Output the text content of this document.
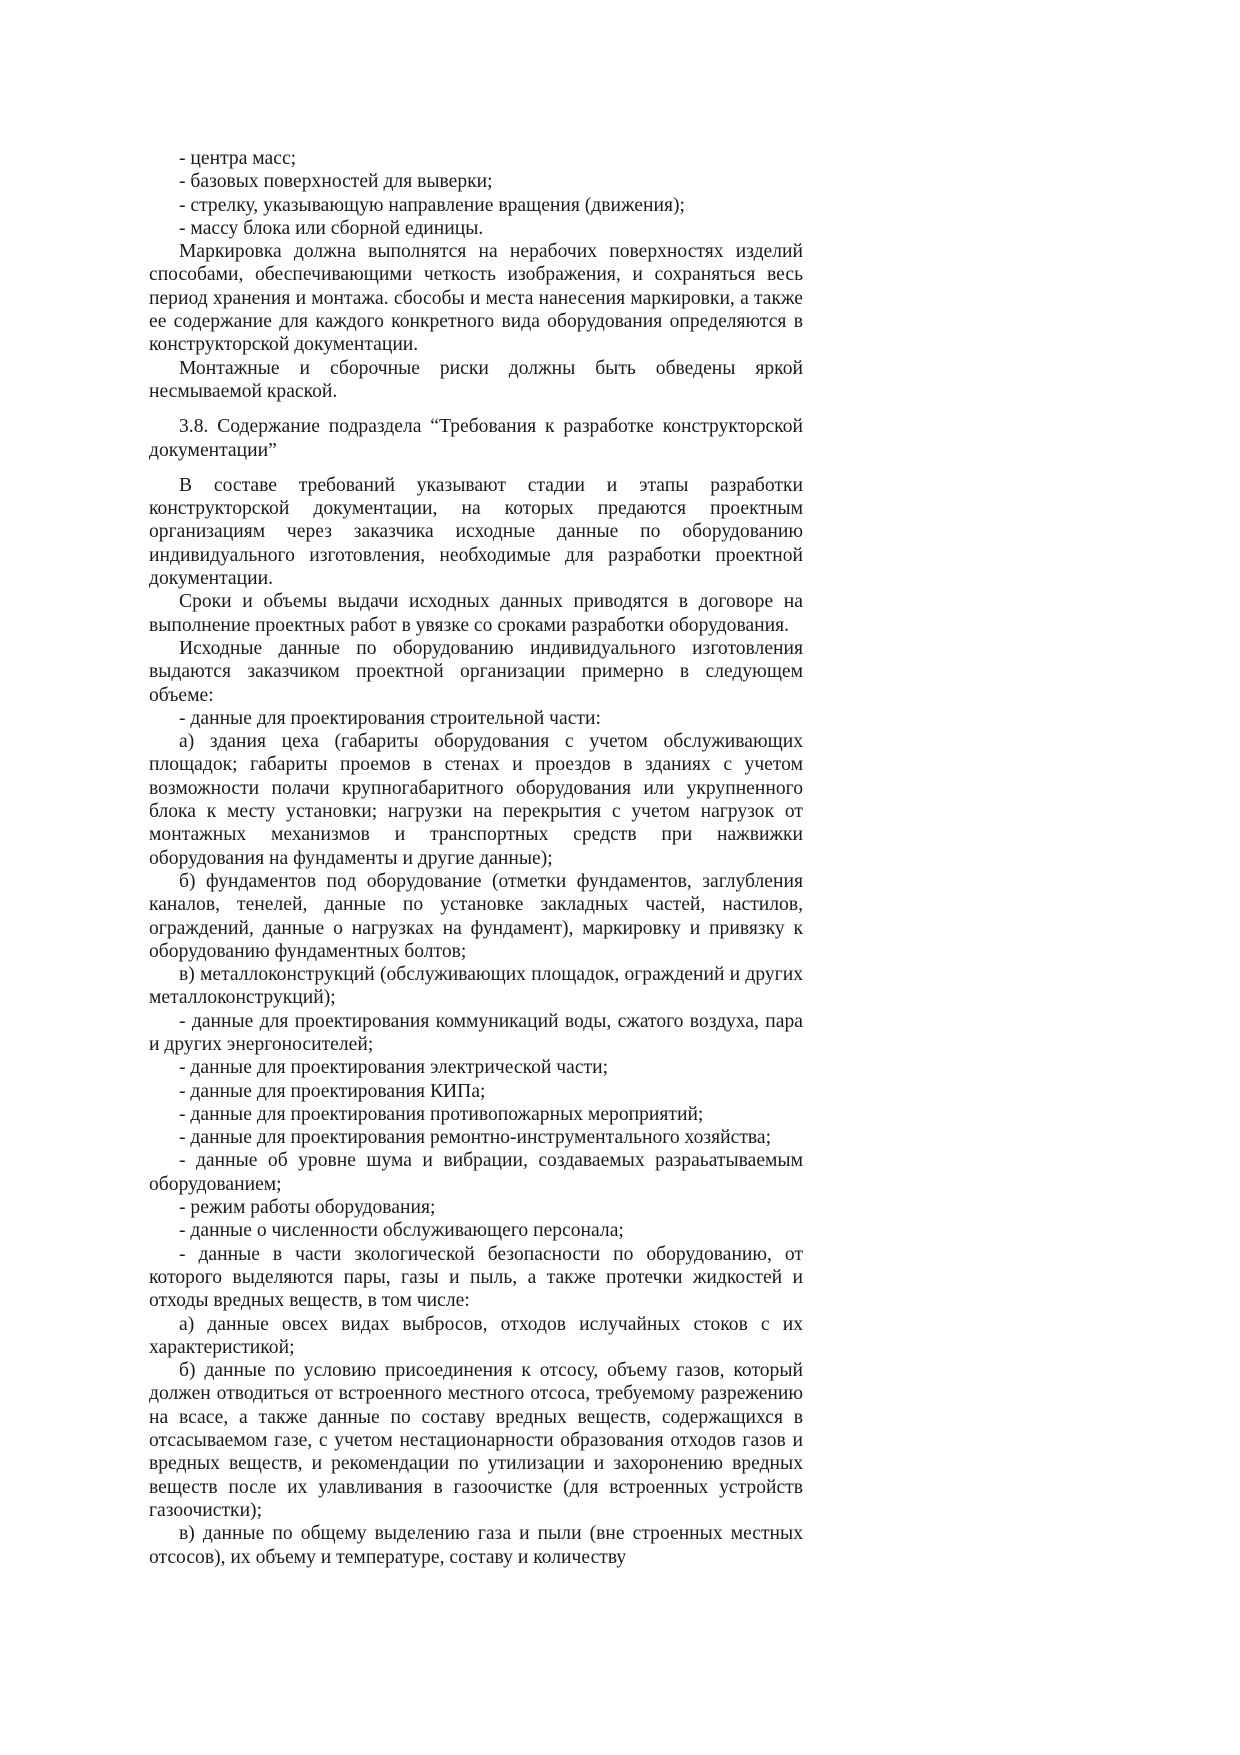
- центра масс;

- базовых поверхностей для выверки;

- стрелку, указывающую направление вращения (движения);

- массу блока или сборной единицы.

Маркировка должна выполнятся на нерабочих поверхностях изделий способами, обеспечивающими четкость изображения, и сохраняться весь период хранения и монтажа. сбособы и места нанесения маркировки, а также ее содержание для каждого конкретного вида оборудования определяются в конструкторской документации.

Монтажные и сборочные риски должны быть обведены яркой несмываемой краской.

3.8. Содержание подраздела “Требования к разработке конструкторской документации”

В составе требований указывают стадии и этапы разработки конструкторской документации, на которых предаются проектным организациям через заказчика исходные данные по оборудованию индивидуального изготовления, необходимые для разработки проектной документации.

Сроки и объемы выдачи исходных данных приводятся в договоре на выполнение проектных работ в увязке со сроками разработки оборудования.

Исходные данные по оборудованию индивидуального изготовления выдаются заказчиком проектной организации примерно в следующем объеме:

- данные для проектирования строительной части:

а) здания цеха (габариты оборудования с учетом обслуживающих площадок; габариты проемов в стенах и проездов в зданиях с учетом возможности полачи крупногабаритного оборудования или укрупненного блока к месту установки; нагрузки на перекрытия с учетом нагрузок от монтажных механизмов и транспортных средств при нажвижки оборудования на фундаменты и другие данные);

б) фундаментов под оборудование (отметки фундаментов, заглубления каналов, тенелей, данные по установке закладных частей, настилов, ограждений, данные о нагрузках на фундамент), маркировку и привязку к оборудованию фундаментных болтов;

в) металлоконструкций (обслуживающих площадок, ограждений и других металлоконструкций);

- данные для проектирования коммуникаций воды, сжатого воздуха, пара и других энергоносителей;

- данные для проектирования электрической части;

- данные для проектирования КИПа;

- данные для проектирования противопожарных мероприятий;

- данные для проектирования ремонтно-инструментального хозяйства;

- данные об уровне шума и вибрации, создаваемых разраьатываемым оборудованием;

- режим работы оборудования;

- данные о численности обслуживающего персонала;

- данные в части зкологической безопасности по оборудованию, от которого выделяются пары, газы и пыль, а также протечки жидкостей и отходы вредных веществ, в том числе:

а) данные овсех видах выбросов, отходов иcлучайных стоков с их характеристикой;

б) данные по условию присоединения к отсосу, объему газов, который должен отводиться от встроенного местного отсоса, требуемому разрежению на всасе, а также данные по составу вредных веществ, содержащихся в отсасываемом газе, с учетом нестационарности образования отходов газов и вредных веществ, и рекомендации по утилизации и захоронению вредных веществ после их улавливания в газоочистке (для встроенных устройств газоочистки);

в) данные по общему выделению газа и пыли (вне строенных местных отсосов), их объему и температуре, составу и количеству
